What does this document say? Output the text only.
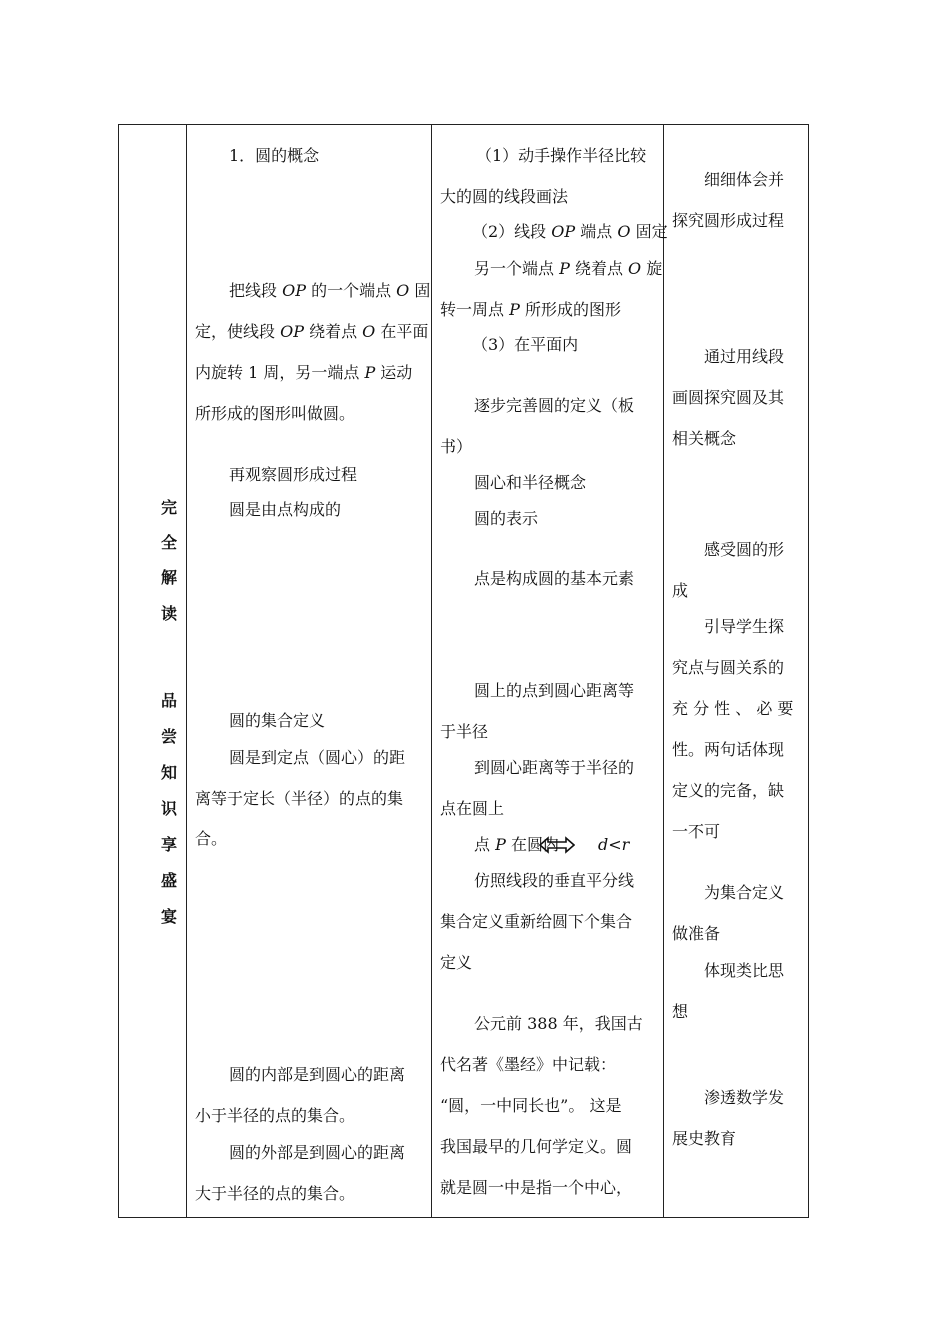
完
全
解
读
品
尝
知
识
享
盛
宴
1．圆的概念
把线段 OP 的一个端点 O 固
定，使线段 OP 绕着点 O 在平面
内旋转 1 周，另一端点 P 运动
所形成的图形叫做圆。
再观察圆形成过程
圆是由点构成的
圆的集合定义
圆是到定点（圆心）的距
离等于定长（半径）的点的集
合。
圆的内部是到圆心的距离
小于半径的点的集合。
圆的外部是到圆心的距离
大于半径的点的集合。
（1）动手操作半径比较
大的圆的线段画法
（2）线段 OP 端点 O 固定
另一个端点 P 绕着点 O 旋
转一周点 P 所形成的图形
（3）在平面内
逐步完善圆的定义（板
书）
圆心和半径概念
圆的表示
点是构成圆的基本元素
圆上的点到圆心距离等
于半径
到圆心距离等于半径的
点在圆上
点 P 在圆内 d<r
仿照线段的垂直平分线
集合定义重新给圆下个集合
定义
公元前 388 年，我国古
代名著《墨经》中记载：
“圆，一中同长也”。 这是
我国最早的几何学定义。圆
就是圆一中是指一个中心，
细细体会并
探究圆形成过程
通过用线段
画圆探究圆及其
相关概念
感受圆的形
成
引导学生探
究点与圆关系的
充 分 性 、 必 要
性。两句话体现
定义的完备，缺
一不可
为集合定义
做准备
体现类比思
想
渗透数学发
展史教育
